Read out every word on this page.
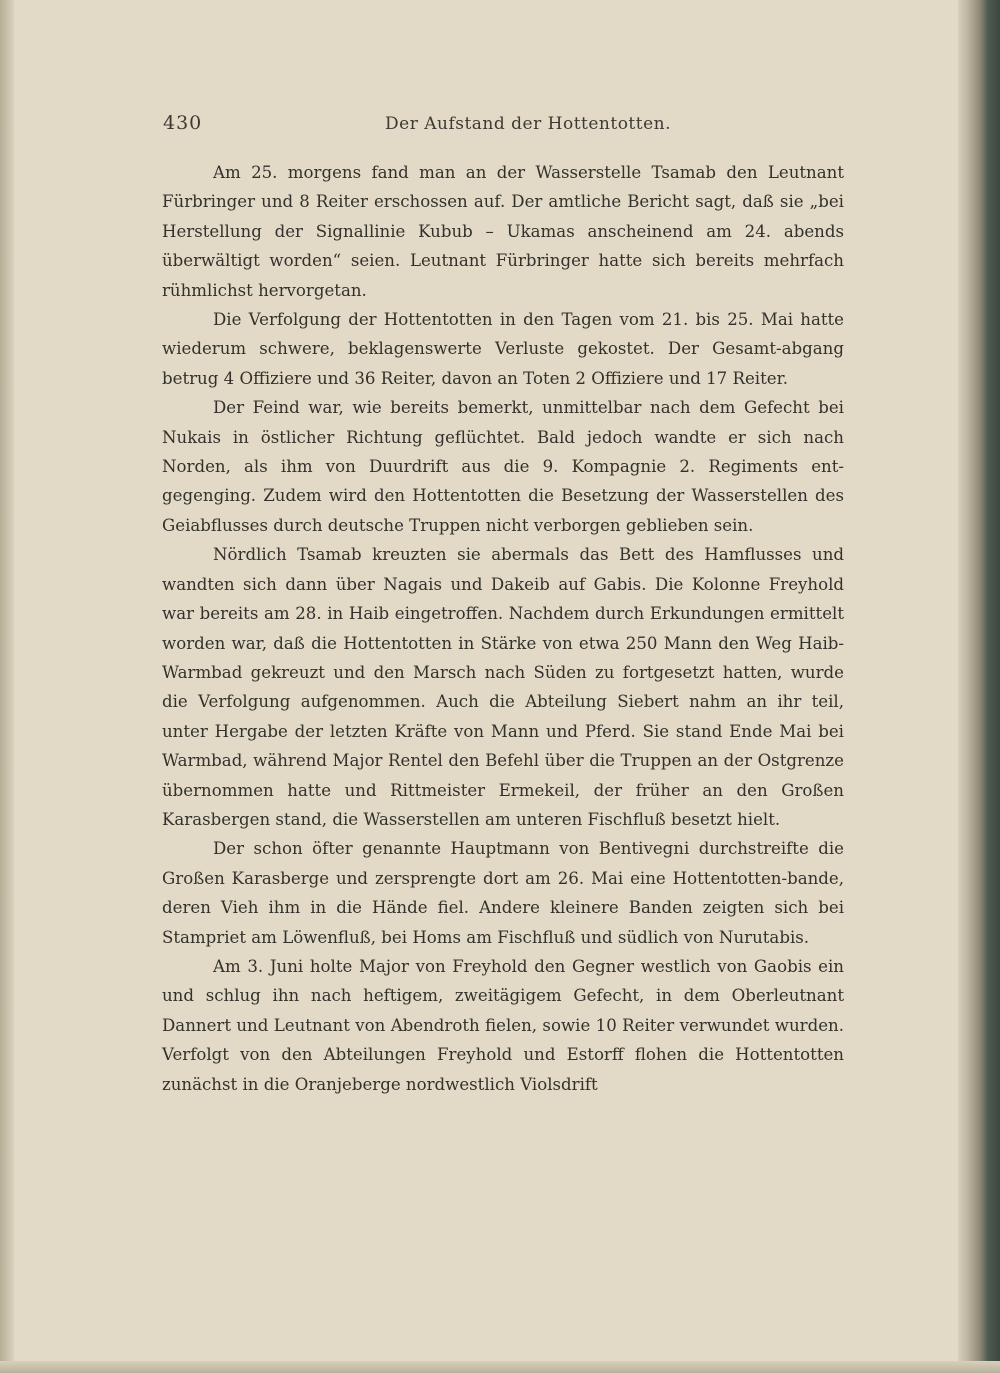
430	Der Aufstand der Hottentotten.

Am 25. morgens fand man an der Wasserstelle Tsamab den Leutnant Fürbringer und 8 Reiter erschossen auf. Der amtliche Bericht sagt, daß sie „bei Herstellung der Signallinie Kubub – Ukamas anscheinend am 24. abends überwältigt worden“ seien. Leutnant Fürbringer hatte sich bereits mehrfach rühmlichst hervorgetan.

Die Verfolgung der Hottentotten in den Tagen vom 21. bis 25. Mai hatte wiederum schwere, beklagenswerte Verluste gekostet. Der Gesamt-abgang betrug 4 Offiziere und 36 Reiter, davon an Toten 2 Offiziere und 17 Reiter.

Der Feind war, wie bereits bemerkt, unmittelbar nach dem Gefecht bei Nukais in östlicher Richtung geflüchtet. Bald jedoch wandte er sich nach Norden, als ihm von Duurdrift aus die 9. Kompagnie 2. Regiments ent-gegenging. Zudem wird den Hottentotten die Besetzung der Wasserstellen des Geiabflusses durch deutsche Truppen nicht verborgen geblieben sein.

Nördlich Tsamab kreuzten sie abermals das Bett des Hamflusses und wandten sich dann über Nagais und Dakeib auf Gabis. Die Kolonne Freyhold war bereits am 28. in Haib eingetroffen. Nachdem durch Erkundungen ermittelt worden war, daß die Hottentotten in Stärke von etwa 250 Mann den Weg Haib-Warmbad gekreuzt und den Marsch nach Süden zu fortgesetzt hatten, wurde die Verfolgung aufgenommen. Auch die Abteilung Siebert nahm an ihr teil, unter Hergabe der letzten Kräfte von Mann und Pferd. Sie stand Ende Mai bei Warmbad, während Major Rentel den Befehl über die Truppen an der Ostgrenze übernommen hatte und Rittmeister Ermekeil, der früher an den Großen Karasbergen stand, die Wasserstellen am unteren Fischfluß besetzt hielt.

Der schon öfter genannte Hauptmann von Bentivegni durchstreifte die Großen Karasberge und zersprengte dort am 26. Mai eine Hottentotten-bande, deren Vieh ihm in die Hände fiel. Andere kleinere Banden zeigten sich bei Stampriet am Löwenfluß, bei Homs am Fischfluß und südlich von Nurutabis.

Am 3. Juni holte Major von Freyhold den Gegner westlich von Gaobis ein und schlug ihn nach heftigem, zweitägigem Gefecht, in dem Oberleutnant Dannert und Leutnant von Abendroth fielen, sowie 10 Reiter verwundet wurden. Verfolgt von den Abteilungen Freyhold und Estorff flohen die Hottentotten zunächst in die Oranjeberge nordwestlich Violsdrift
